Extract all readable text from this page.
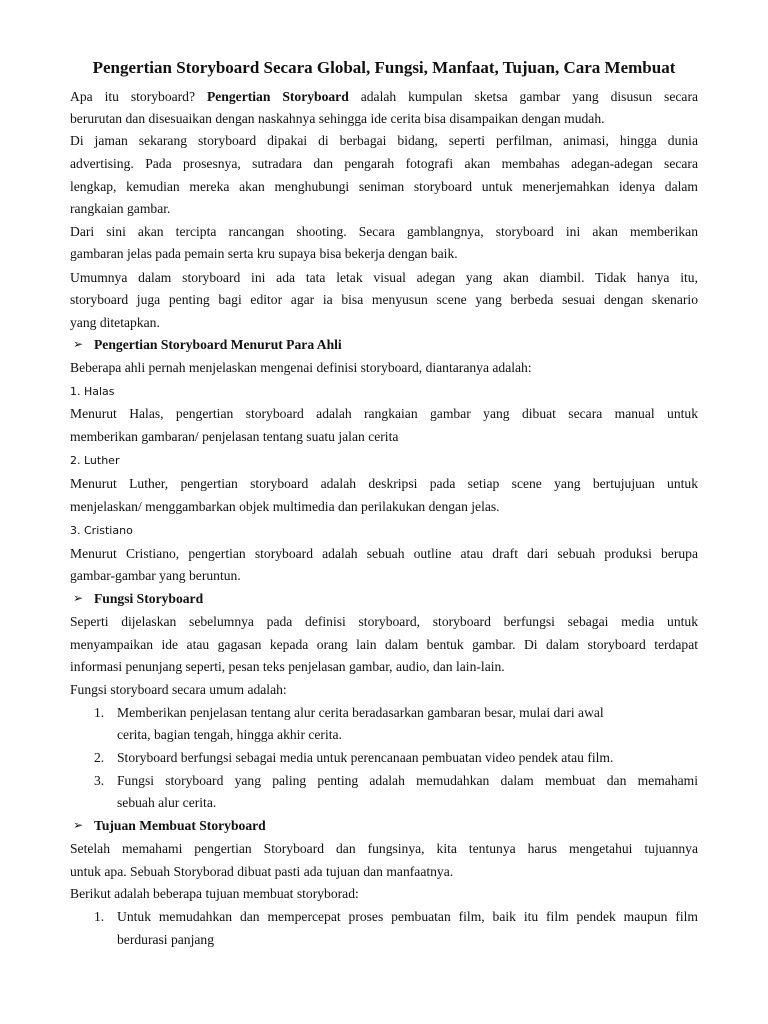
Pengertian Storyboard Secara Global, Fungsi, Manfaat, Tujuan, Cara Membuat
Apa itu storyboard? Pengertian Storyboard adalah kumpulan sketsa gambar yang disusun secara
berurutan dan disesuaikan dengan naskahnya sehingga ide cerita bisa disampaikan dengan mudah.
Di jaman sekarang storyboard dipakai di berbagai bidang, seperti perfilman, animasi, hingga dunia
advertising. Pada prosesnya, sutradara dan pengarah fotografi akan membahas adegan-adegan secara
lengkap, kemudian mereka akan menghubungi seniman storyboard untuk menerjemahkan idenya dalam
rangkaian gambar.
Dari sini akan tercipta rancangan shooting. Secara gamblangnya, storyboard ini akan memberikan
gambaran jelas pada pemain serta kru supaya bisa bekerja dengan baik.
Umumnya dalam storyboard ini ada tata letak visual adegan yang akan diambil. Tidak hanya itu,
storyboard juga penting bagi editor agar ia bisa menyusun scene yang berbeda sesuai dengan skenario
yang ditetapkan.
➢ Pengertian Storyboard Menurut Para Ahli
Beberapa ahli pernah menjelaskan mengenai definisi storyboard, diantaranya adalah:
1. Halas
Menurut Halas, pengertian storyboard adalah rangkaian gambar yang dibuat secara manual untuk
memberikan gambaran/ penjelasan tentang suatu jalan cerita
2. Luther
Menurut Luther, pengertian storyboard adalah deskripsi pada setiap scene yang bertujujuan untuk
menjelaskan/ menggambarkan objek multimedia dan perilakukan dengan jelas.
3. Cristiano
Menurut Cristiano, pengertian storyboard adalah sebuah outline atau draft dari sebuah produksi berupa
gambar-gambar yang beruntun.
➢ Fungsi Storyboard
Seperti dijelaskan sebelumnya pada definisi storyboard, storyboard berfungsi sebagai media untuk
menyampaikan ide atau gagasan kepada orang lain dalam bentuk gambar. Di dalam storyboard terdapat
informasi penunjang seperti, pesan teks penjelasan gambar, audio, dan lain-lain.
Fungsi storyboard secara umum adalah:
1. Memberikan penjelasan tentang alur cerita beradasarkan gambaran besar, mulai dari awal
cerita, bagian tengah, hingga akhir cerita.
2. Storyboard berfungsi sebagai media untuk perencanaan pembuatan video pendek atau film.
3. Fungsi storyboard yang paling penting adalah memudahkan dalam membuat dan memahami
sebuah alur cerita.
➢ Tujuan Membuat Storyboard
Setelah memahami pengertian Storyboard dan fungsinya, kita tentunya harus mengetahui tujuannya
untuk apa. Sebuah Storyborad dibuat pasti ada tujuan dan manfaatnya.
Berikut adalah beberapa tujuan membuat storyborad:
1. Untuk memudahkan dan mempercepat proses pembuatan film, baik itu film pendek maupun film
berdurasi panjang
